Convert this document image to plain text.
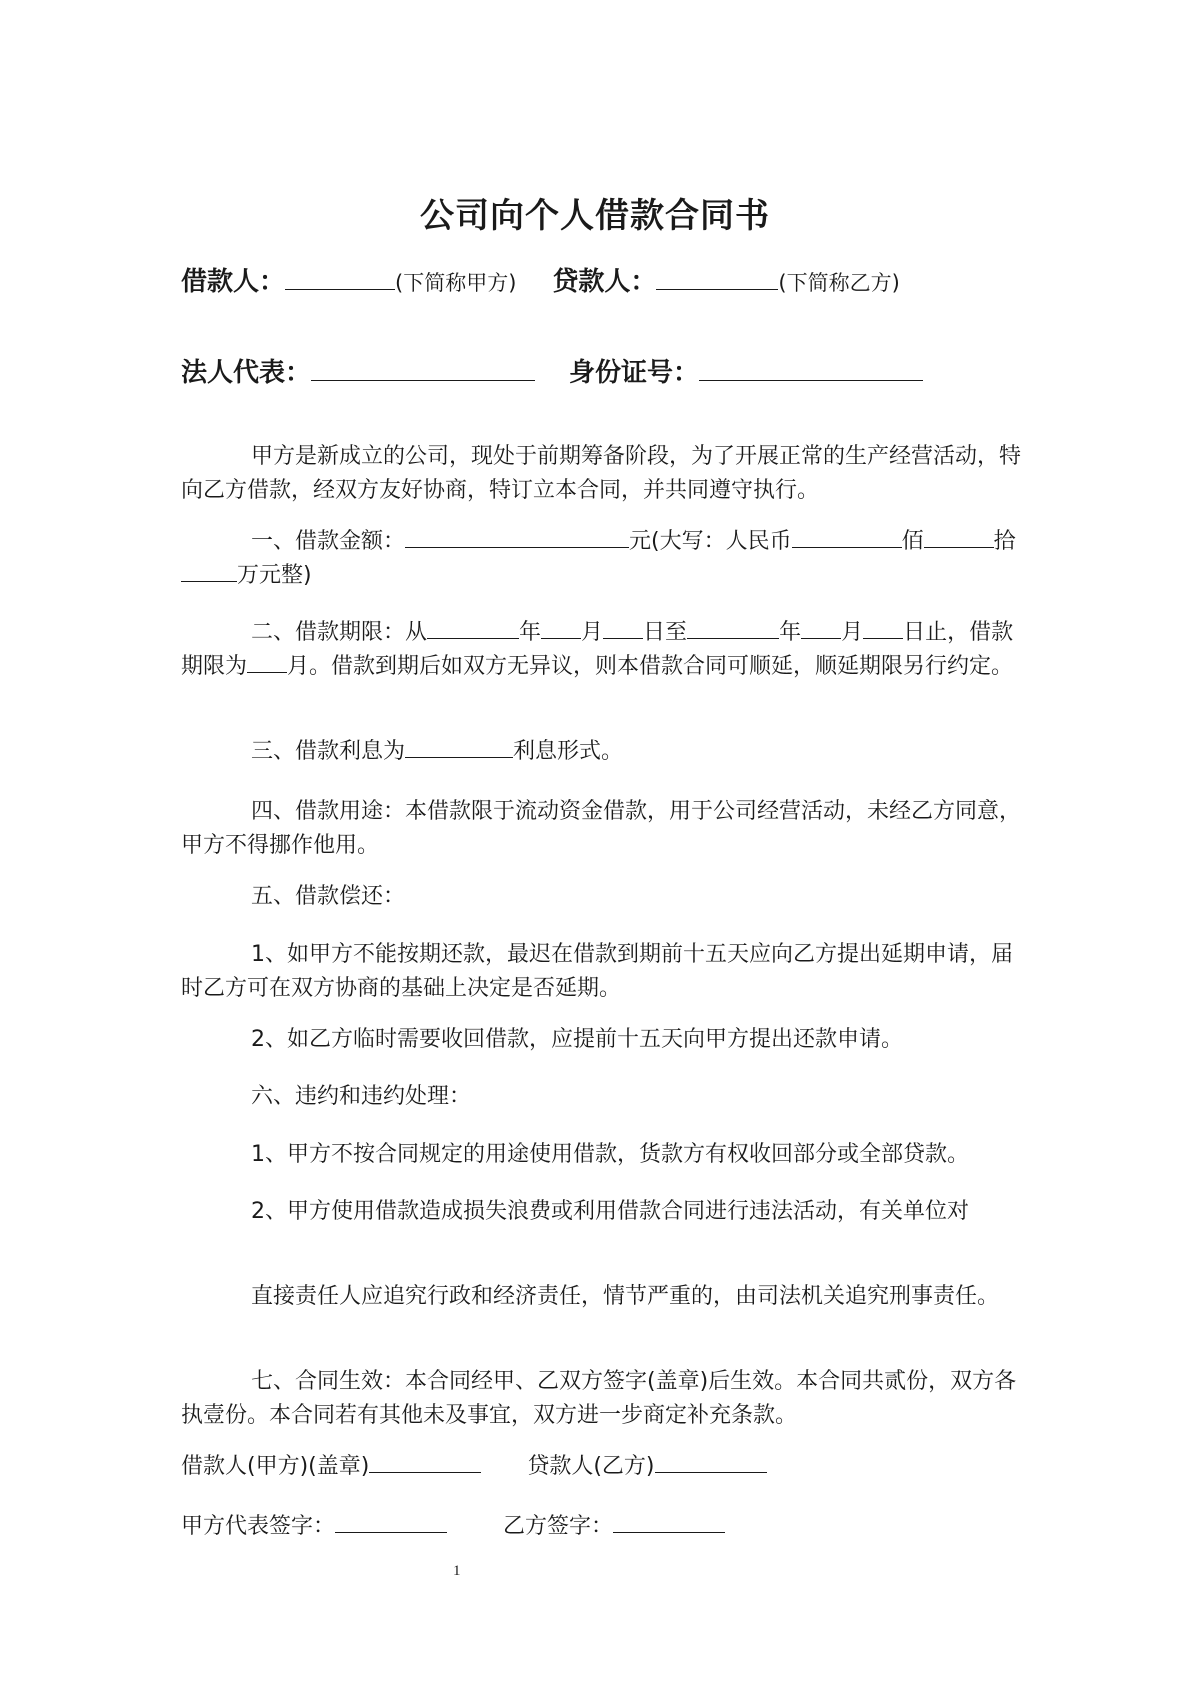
公司向个人借款合同书
借款人：	(下简称甲方) 贷款人：	(下简称乙方)
法人代表：	身份证号：

甲方是新成立的公司，现处于前期筹备阶段，为了开展正常的生产经营活动，特向乙方借款，经双方友好协商，特订立本合同，并共同遵守执行。

一、借款金额：	元(大写：人民币	佰	拾万元整)

二、借款期限：从	年 月 日至	年 月 日止，借款期限为 月。借款到期后如双方无异议，则本借款合同可顺延，顺延期限另行约定。

三、借款利息为	利息形式。

四、借款用途：本借款限于流动资金借款，用于公司经营活动，未经乙方同意，甲方不得挪作他用。

五、借款偿还：

1、如甲方不能按期还款，最迟在借款到期前十五天应向乙方提出延期申请，届时乙方可在双方协商的基础上决定是否延期。

2、如乙方临时需要收回借款，应提前十五天向甲方提出还款申请。

六、违约和违约处理：

1、甲方不按合同规定的用途使用借款，货款方有权收回部分或全部贷款。

2、甲方使用借款造成损失浪费或利用借款合同进行违法活动，有关单位对

直接责任人应追究行政和经济责任，情节严重的，由司法机关追究刑事责任。

七、合同生效：本合同经甲、乙双方签字(盖章)后生效。本合同共贰份，双方各执壹份。本合同若有其他未及事宜，双方进一步商定补充条款。

借款人(甲方)(盖章)	贷款人(乙方)
甲方代表签字：	乙方签字：
1
